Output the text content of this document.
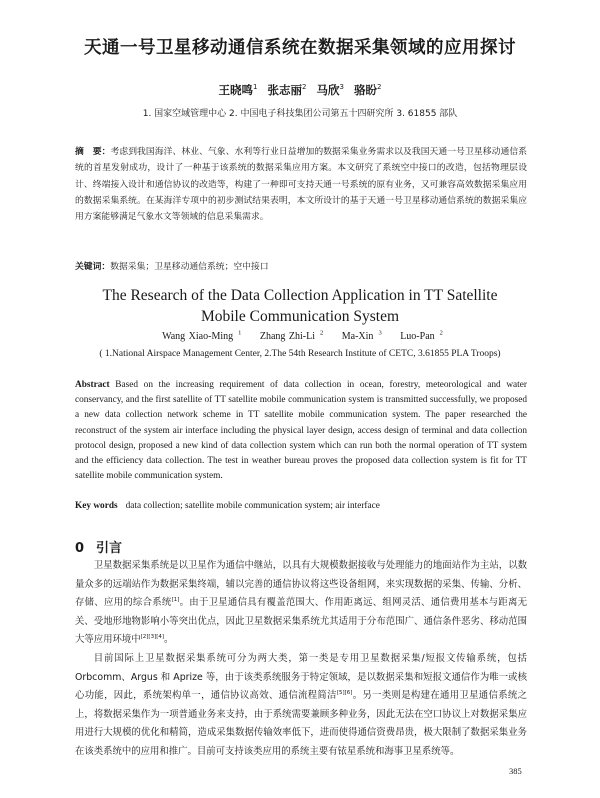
天通一号卫星移动通信系统在数据采集领域的应用探讨
王晓鸣$^1$ 张志丽$^2$ 马欣$^3$ 骆盼$^2$
1. 国家空域管理中心 2. 中国电子科技集团公司第五十四研究所 3. 61855 部队
摘　要：考虑到我国海洋、林业、气象、水利等行业日益增加的数据采集业务需求以及我国天通一号卫星移动通信系统的首星发射成功，设计了一种基于该系统的数据采集应用方案。本文研究了系统空中接口的改造，包括物理层设计、终端接入设计和通信协议的改造等，构建了一种即可支持天通一号系统的原有业务，又可兼容高效数据采集应用的数据采集系统。在某海洋专项中的初步测试结果表明，本文所设计的基于天通一号卫星移动通信系统的数据采集应用方案能够满足气象水文等领域的信息采集需求。
关键词：数据采集；卫星移动通信系统；空中接口
The Research of the Data Collection Application in TT Satellite Mobile Communication System
Wang Xiao-Ming $^1$ Zhang Zhi-Li $^2$ Ma-Xin $^3$ Luo-Pan $^2$
( 1.National Airspace Management Center, 2.The 54th Research Institute of CETC, 3.61855 PLA Troops)
Abstract Based on the increasing requirement of data collection in ocean, forestry, meteorological and water conservancy, and the first satellite of TT satellite mobile communication system is transmitted successfully, we proposed a new data collection network scheme in TT satellite mobile communication system. The paper researched the reconstruct of the system air interface including the physical layer design, access design of terminal and data collection protocol design, proposed a new kind of data collection system which can run both the normal operation of TT system and the efficiency data collection. The test in weather bureau proves the proposed data collection system is fit for TT satellite mobile communication system.
Key words data collection; satellite mobile communication system; air interface
0 引言

卫星数据采集系统是以卫星作为通信中继站，以具有大规模数据接收与处理能力的地面站作为主站，以数量众多的远端站作为数据采集终端，辅以完善的通信协议将这些设备组网，来实现数据的采集、传输、分析、存储、应用的综合系统[1]。由于卫星通信具有覆盖范围大、作用距离远、组网灵活、通信费用基本与距离无关、受地形地物影响小等突出优点，因此卫星数据采集系统尤其适用于分布范围广、通信条件恶劣、移动范围大等应用环境中[2][3][4]。

目前国际上卫星数据采集系统可分为两大类，第一类是专用卫星数据采集/短报文传输系统，包括 Orbcomm、Argus 和 Aprize 等，由于该类系统服务于特定领域，是以数据采集和短报文通信作为唯一或核心功能，因此，系统架构单一，通信协议高效、通信流程简洁[5][6]。另一类则是构建在通用卫星通信系统之上，将数据采集作为一项普通业务来支持，由于系统需要兼顾多种业务，因此无法在空口协议上对数据采集应用进行大规模的优化和精简，造成采集数据传输效率低下，进而使得通信资费昂贵，极大限制了数据采集业务在该类系统中的应用和推广。目前可支持该类应用的系统主要有铱星系统和海事卫星系统等。

385
